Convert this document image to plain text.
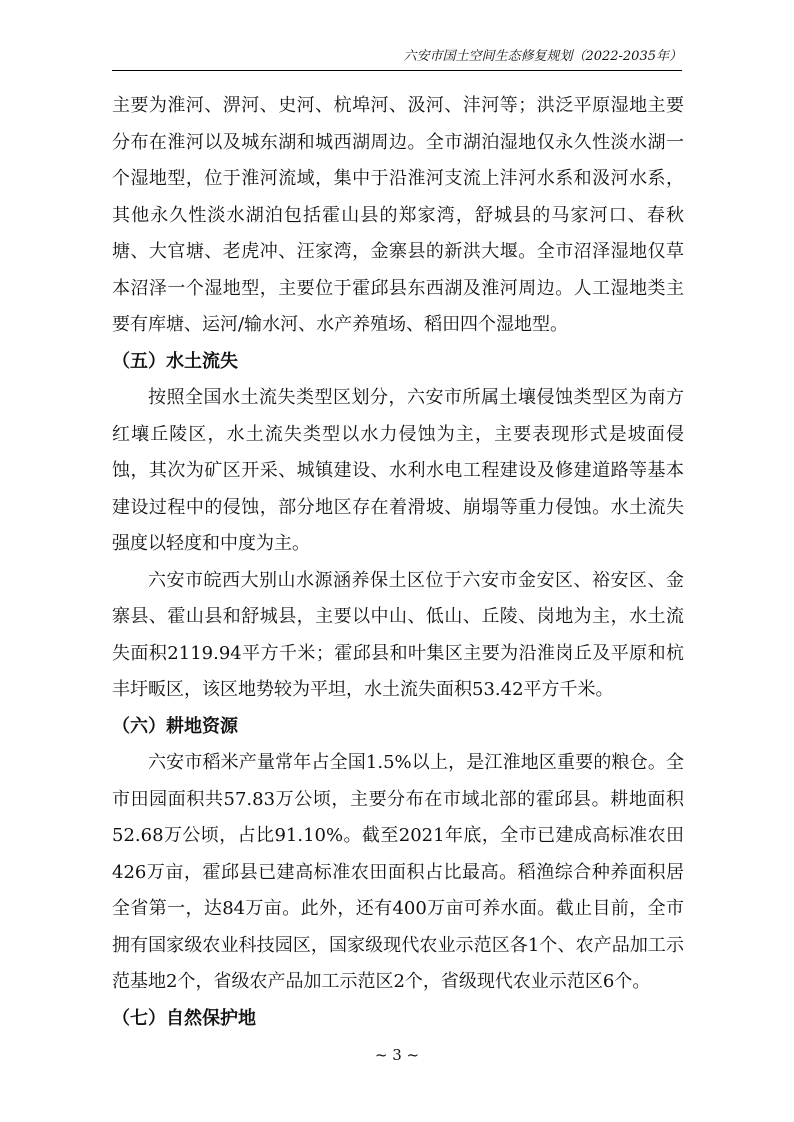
六安市国土空间生态修复规划（2022-2035年）

主要为淮河、淠河、史河、杭埠河、汲河、沣河等；洪泛平原湿地主要分布在淮河以及城东湖和城西湖周边。全市湖泊湿地仅永久性淡水湖一个湿地型，位于淮河流域，集中于沿淮河支流上沣河水系和汲河水系，其他永久性淡水湖泊包括霍山县的郑家湾，舒城县的马家河口、春秋塘、大官塘、老虎冲、汪家湾，金寨县的新洪大堰。全市沼泽湿地仅草本沼泽一个湿地型，主要位于霍邱县东西湖及淮河周边。人工湿地类主要有库塘、运河/输水河、水产养殖场、稻田四个湿地型。

（五）水土流失

按照全国水土流失类型区划分，六安市所属土壤侵蚀类型区为南方红壤丘陵区，水土流失类型以水力侵蚀为主，主要表现形式是坡面侵蚀，其次为矿区开采、城镇建设、水利水电工程建设及修建道路等基本建设过程中的侵蚀，部分地区存在着滑坡、崩塌等重力侵蚀。水土流失强度以轻度和中度为主。

六安市皖西大别山水源涵养保土区位于六安市金安区、裕安区、金寨县、霍山县和舒城县，主要以中山、低山、丘陵、岗地为主，水土流失面积2119.94平方千米；霍邱县和叶集区主要为沿淮岗丘及平原和杭丰圩畈区，该区地势较为平坦，水土流失面积53.42平方千米。

（六）耕地资源

六安市稻米产量常年占全国1.5%以上，是江淮地区重要的粮仓。全市田园面积共57.83万公顷，主要分布在市域北部的霍邱县。耕地面积52.68万公顷，占比91.10%。截至2021年底，全市已建成高标准农田426万亩，霍邱县已建高标准农田面积占比最高。稻渔综合种养面积居全省第一，达84万亩。此外，还有400万亩可养水面。截止目前，全市拥有国家级农业科技园区，国家级现代农业示范区各1个、农产品加工示范基地2个，省级农产品加工示范区2个，省级现代农业示范区6个。

（七）自然保护地

~ 3 ~
